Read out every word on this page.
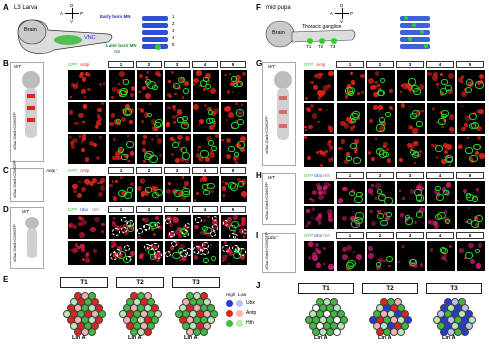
A L3 Larva	D
A	P
V
Brain
VNC
Early born MN
Later born MN
NB
1
2
3
4
5
B WT
vGlut-Gal4>CD8GFP
GFP Antp	1	2	3	4	5
C	Antp⁻
vGlut-Gal4>CD8GFP	GFP Antp	1	2	3	4	5
D	WT
vGlut-Gal4>CD8GFP
GFP Ubx Hth	1	2	3	4	5
E	T1	T2	T3
Lin A	Lin A	Lin A
High Low
Ubx
Antp
Hth
F mid pupa	D
A	P
V
Brain
Thoracic ganglion
T1 T2 T3
G WT
vGlut-Gal4>CD8GFP
GFP Antp	1	2	3	4	5
H WT
vGlut-Gal4>CD8GFP
GFP Ubx Hth	1	2	3	4	5
I Ubx⁻
vGlut-Gal4>CD8GFP	GFP Ubx Hth	1	2	3	4	5
J	T1	T2	T3
Lin A	Lin A	Lin A
